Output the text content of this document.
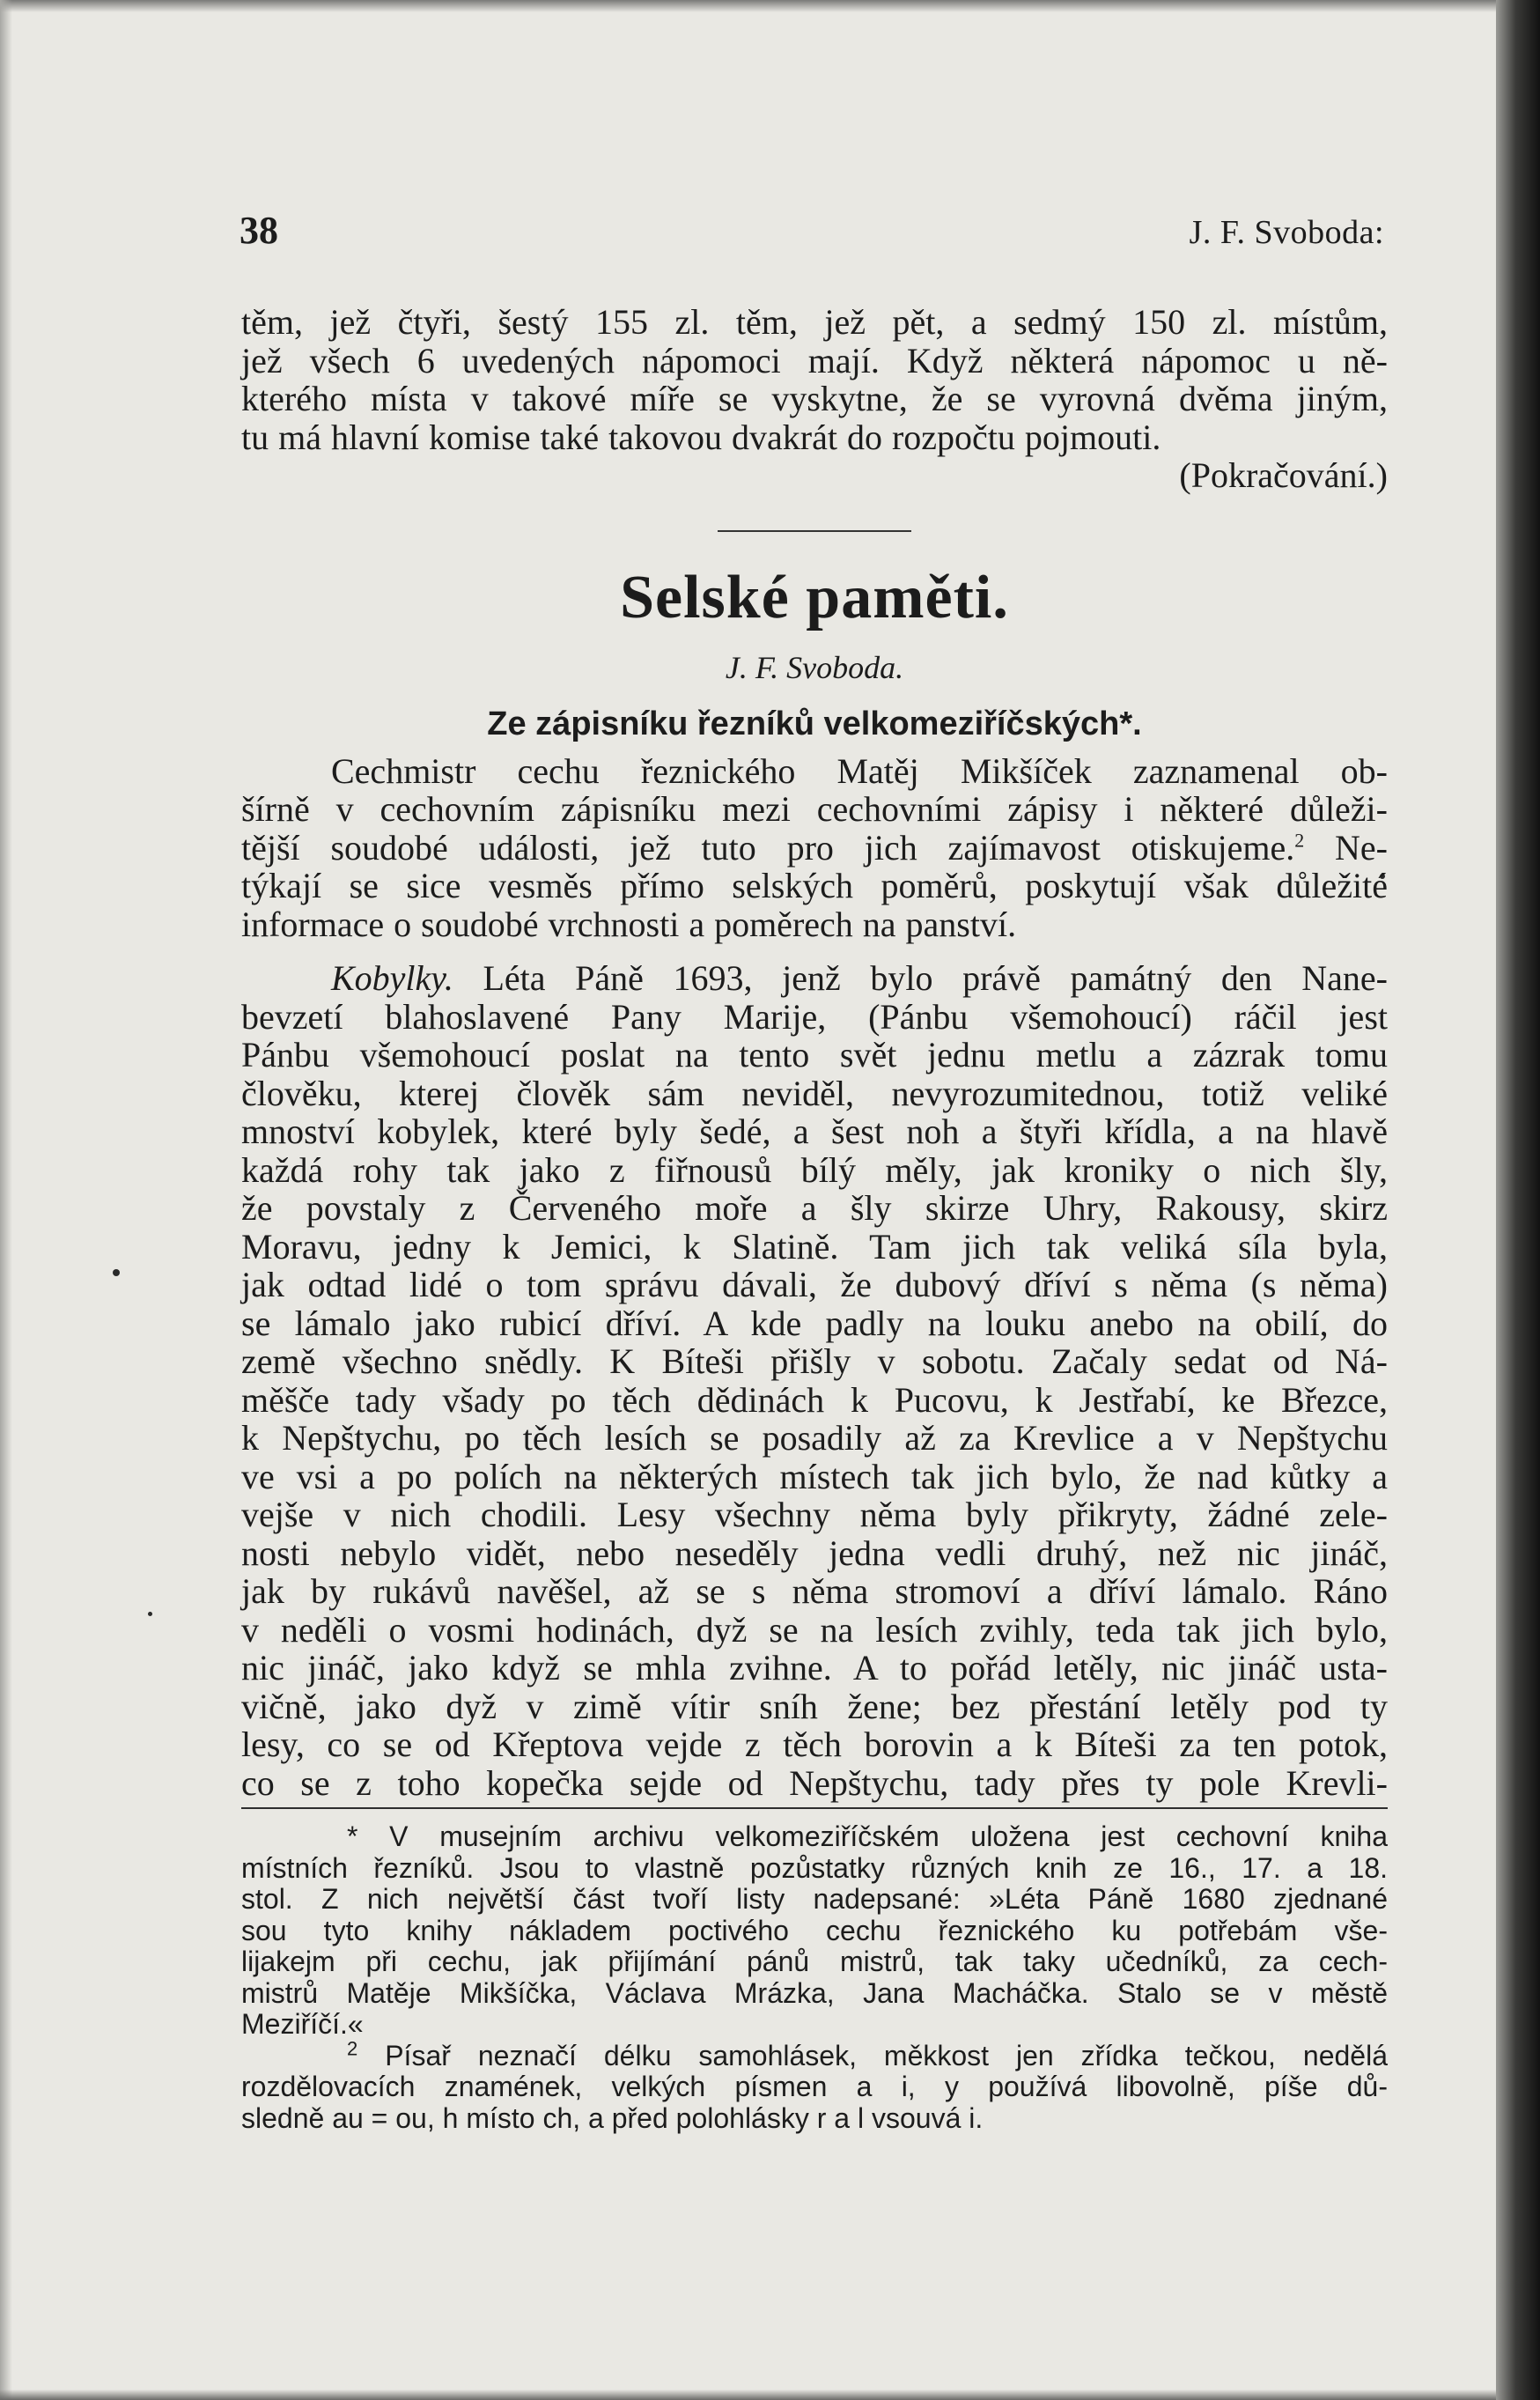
38	J. F. Svoboda:
těm, jež čtyři, šestý 155 zl. těm, jež pět, a sedmý 150 zl. místům,
jež všech 6 uvedených nápomoci mají. Když některá nápomoc u ně-
kterého místa v takové míře se vyskytne, že se vyrovná dvěma jiným,
tu má hlavní komise také takovou dvakrát do rozpočtu pojmouti.
(Pokračování.)
Selské paměti.
J. F. Svoboda.
Ze zápisníku řezníků velkomeziříčských*.
Cechmistr cechu řeznického Matěj Mikšíček zaznamenal ob-
šírně v cechovním zápisníku mezi cechovními zápisy i některé důleži-
tější soudobé události, jež tuto pro jich zajímavost otiskujeme.$^2$ Ne-
týkají se sice vesměs přímo selských poměrů, poskytují však důležité
informace o soudobé vrchnosti a poměrech na panství.
Kobylky. Léta Páně 1693, jenž bylo právě památný den Nane-
bevzetí blahoslavené Pany Marije, (Pánbu všemohoucí) ráčil jest
Pánbu všemohoucí poslat na tento svět jednu metlu a zázrak tomu
člověku, kterej člověk sám neviděl, nevyrozumitednou, totiž veliké
mnoství kobylek, které byly šedé, a šest noh a štyři křídla, a na hlavě
každá rohy tak jako z fiřnousů bílý měly, jak kroniky o nich šly,
že povstaly z Červeného moře a šly skirze Uhry, Rakousy, skirz
Moravu, jedny k Jemici, k Slatině. Tam jich tak veliká síla byla,
jak odtad lidé o tom správu dávali, že dubový dříví s něma (s něma)
se lámalo jako rubicí dříví. A kde padly na louku anebo na obilí, do
země všechno snědly. K Bíteši přišly v sobotu. Začaly sedat od Ná-
měšče tady všady po těch dědinách k Pucovu, k Jestřabí, ke Březce,
k Nepštychu, po těch lesích se posadily až za Krevlice a v Nepštychu
ve vsi a po polích na některých místech tak jich bylo, že nad kůtky a
vejše v nich chodili. Lesy všechny něma byly přikryty, žádné zele-
nosti nebylo vidět, nebo neseděly jedna vedli druhý, než nic jináč,
jak by rukávů navěšel, až se s něma stromoví a dříví lámalo. Ráno
v neděli o vosmi hodinách, dyž se na lesích zvihly, teda tak jich bylo,
nic jináč, jako když se mhla zvihne. A to pořád letěly, nic jináč usta-
vičně, jako dyž v zimě vítir sníh žene; bez přestání letěly pod ty
lesy, co se od Křeptova vejde z těch borovin a k Bíteši za ten potok,
co se z toho kopečka sejde od Nepštychu, tady přes ty pole Krevli-
* V musejním archivu velkomeziříčském uložena jest cechovní kniha
místních řezníků. Jsou to vlastně pozůstatky různých knih ze 16., 17. a 18.
stol. Z nich největší část tvoří listy nadepsané: »Léta Páně 1680 zjednané
sou tyto knihy nákladem poctivého cechu řeznického ku potřebám vše-
lijakejm při cechu, jak přijímání pánů mistrů, tak taky učedníků, za cech-
mistrů Matěje Mikšíčka, Václava Mrázka, Jana Macháčka. Stalo se v městě
Meziříčí.«
$^2$ Písař neznačí délku samohlásek, měkkost jen zřídka tečkou, nedělá
rozdělovacích znamének, velkých písmen a i, y používá libovolně, píše dů-
sledně au = ou, h místo ch, a před polohlásky r a l vsouvá i.
